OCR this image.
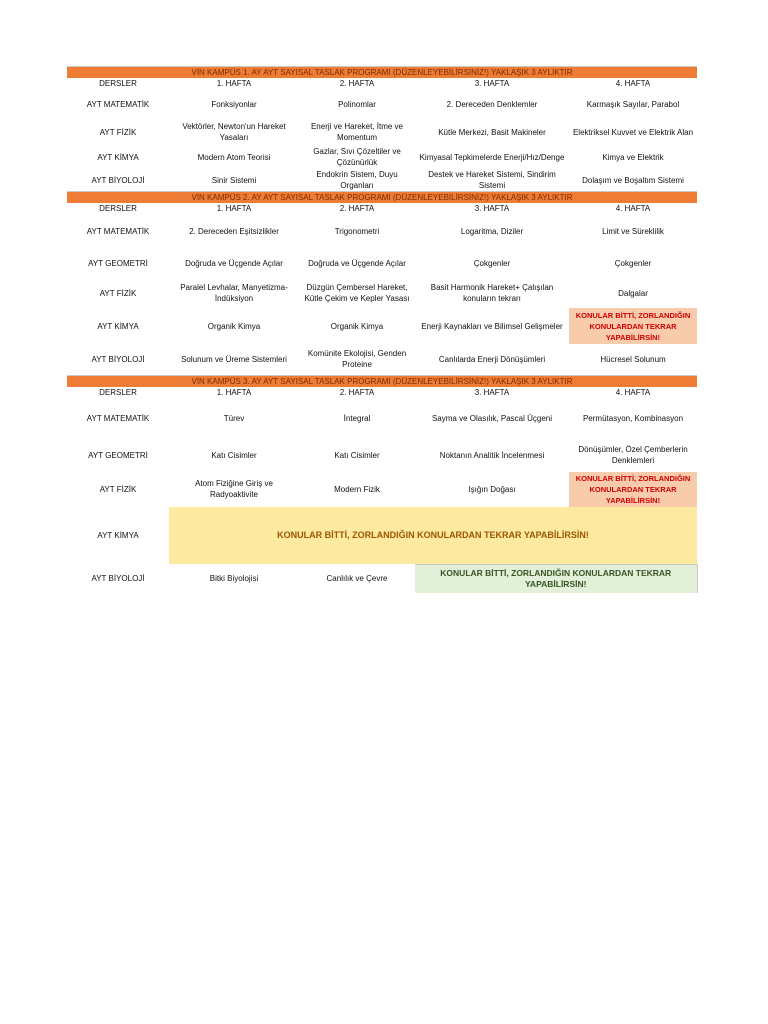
VİN KAMPÜS 1. AY AYT SAYISAL TASLAK PROGRAMI (DÜZENLEYEBİLİRSİNİZ!) YAKLAŞIK 3 AYLIKTIR				
DERSLER	1. HAFTA	2. HAFTA	3. HAFTA	4. HAFTA
AYT MATEMATİK	Fonksiyonlar	Polinomlar	2. Dereceden Denklemler	Karmaşık Sayılar, Parabol
AYT FİZİK	Vektörler, Newton'un Hareket Yasaları	Enerji ve Hareket, İtme ve Momentum	Kütle Merkezi, Basit Makineler	Elektriksel Kuvvet ve Elektrik Alan
AYT KİMYA	Modern Atom Teorisi	Gazlar, Sıvı Çözeltiler ve Çözünürlük	Kimyasal Tepkimelerde Enerji/Hız/Denge	Kimya ve Elektrik
AYT BİYOLOJİ	Sinir Sistemi	Endokrin Sistem, Duyu Organları	Destek ve Hareket Sistemi, Sindirim Sistemi	Dolaşım ve Boşaltım Sistemi
VİN KAMPÜS 2. AY AYT SAYISAL TASLAK PROGRAMI (DÜZENLEYEBİLİRSİNİZ!) YAKLAŞIK 3 AYLIKTIR				
DERSLER	1. HAFTA	2. HAFTA	3. HAFTA	4. HAFTA
AYT MATEMATİK	2. Dereceden Eşitsizlikler	Trigonometri	Logaritma, Diziler	Limit ve Süreklilik
AYT GEOMETRİ	Doğruda ve Üçgende Açılar	Doğruda ve Üçgende Açılar	Çokgenler	Çokgenler
AYT FİZİK	Paralel Levhalar, Manyetizma-İndüksiyon	Düzgün Çembersel Hareket, Kütle Çekim ve Kepler Yasası	Basit Harmonik Hareket+ Çalışılan konuların tekrarı	Dalgalar
AYT KİMYA	Organik Kimya	Organik Kimya	Enerji Kaynakları ve Bilimsel Gelişmeler	KONULAR BİTTİ, ZORLANDIĞIN KONULARDAN TEKRAR YAPABİLİRSİN!
AYT BİYOLOJİ	Solunum ve Üreme Sistemleri	Komünite Ekolojisi, Genden Proteine	Canlılarda Enerji Dönüşümleri	Hücresel Solunum
VİN KAMPÜS 3. AY AYT SAYISAL TASLAK PROGRAMI (DÜZENLEYEBİLİRSİNİZ!) YAKLAŞIK 3 AYLIKTIR				
DERSLER	1. HAFTA	2. HAFTA	3. HAFTA	4. HAFTA
AYT MATEMATİK	Türev	İntegral	Sayma ve Olasılık, Pascal Üçgeni	Permütasyon, Kombinasyon
AYT GEOMETRİ	Katı Cisimler	Katı Cisimler	Noktanın Analitik İncelenmesi	Dönüşümler, Özel Çemberlerin Denklemleri
AYT FİZİK	Atom Fiziğine Giriş ve Radyoaktivite	Modern Fizik	Işığın Doğası	KONULAR BİTTİ, ZORLANDIĞIN KONULARDAN TEKRAR YAPABİLİRSİN!
AYT KİMYA	KONULAR BİTTİ, ZORLANDIĞIN KONULARDAN TEKRAR YAPABİLİRSİN!			
AYT BİYOLOJİ	Bitki Biyolojisi	Canlılık ve Çevre	KONULAR BİTTİ, ZORLANDIĞIN KONULARDAN TEKRAR YAPABİLİRSİN!	
